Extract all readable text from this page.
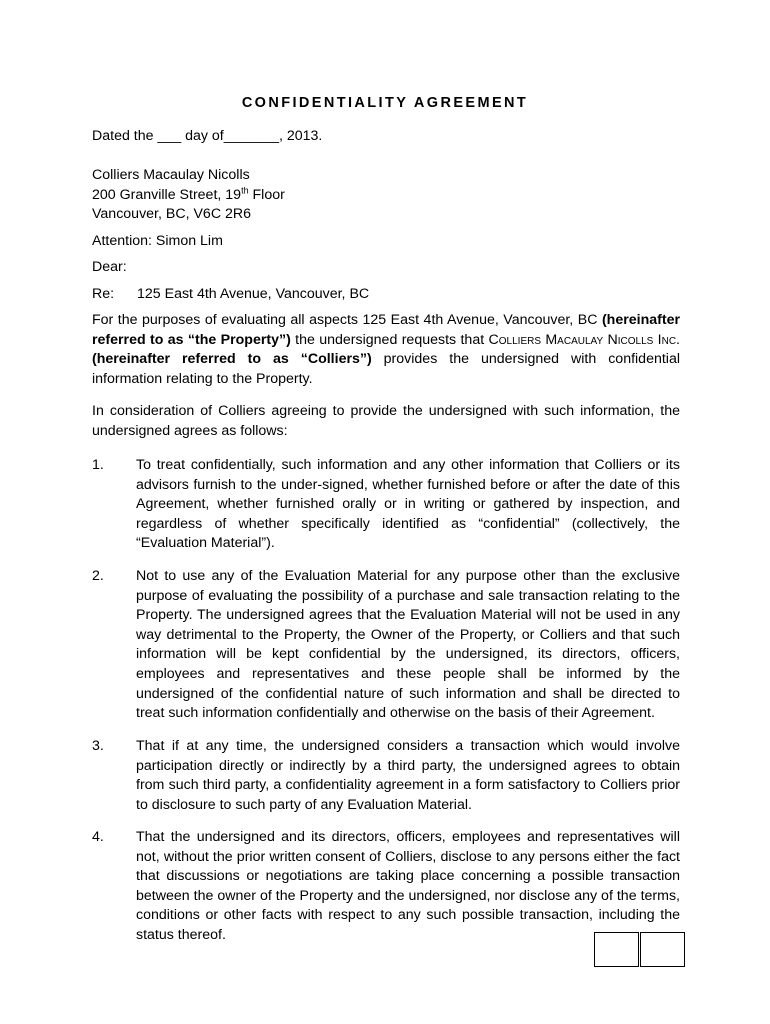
CONFIDENTIALITY AGREEMENT
Dated the ___ day of_______, 2013.
Colliers Macaulay Nicolls
200 Granville Street, 19th Floor
Vancouver, BC, V6C 2R6
Attention: Simon Lim
Dear:
Re: 125 East 4th Avenue, Vancouver, BC
For the purposes of evaluating all aspects 125 East 4th Avenue, Vancouver, BC (hereinafter referred to as “the Property”) the undersigned requests that Colliers Macaulay Nicolls Inc. (hereinafter referred to as “Colliers”) provides the undersigned with confidential information relating to the Property.
In consideration of Colliers agreeing to provide the undersigned with such information, the undersigned agrees as follows:
1. To treat confidentially, such information and any other information that Colliers or its advisors furnish to the under-signed, whether furnished before or after the date of this Agreement, whether furnished orally or in writing or gathered by inspection, and regardless of whether specifically identified as “confidential” (collectively, the “Evaluation Material”).
2. Not to use any of the Evaluation Material for any purpose other than the exclusive purpose of evaluating the possibility of a purchase and sale transaction relating to the Property. The undersigned agrees that the Evaluation Material will not be used in any way detrimental to the Property, the Owner of the Property, or Colliers and that such information will be kept confidential by the undersigned, its directors, officers, employees and representatives and these people shall be informed by the undersigned of the confidential nature of such information and shall be directed to treat such information confidentially and otherwise on the basis of their Agreement.
3. That if at any time, the undersigned considers a transaction which would involve participation directly or indirectly by a third party, the undersigned agrees to obtain from such third party, a confidentiality agreement in a form satisfactory to Colliers prior to disclosure to such party of any Evaluation Material.
4. That the undersigned and its directors, officers, employees and representatives will not, without the prior written consent of Colliers, disclose to any persons either the fact that discussions or negotiations are taking place concerning a possible transaction between the owner of the Property and the undersigned, nor disclose any of the terms, conditions or other facts with respect to any such possible transaction, including the status thereof.
